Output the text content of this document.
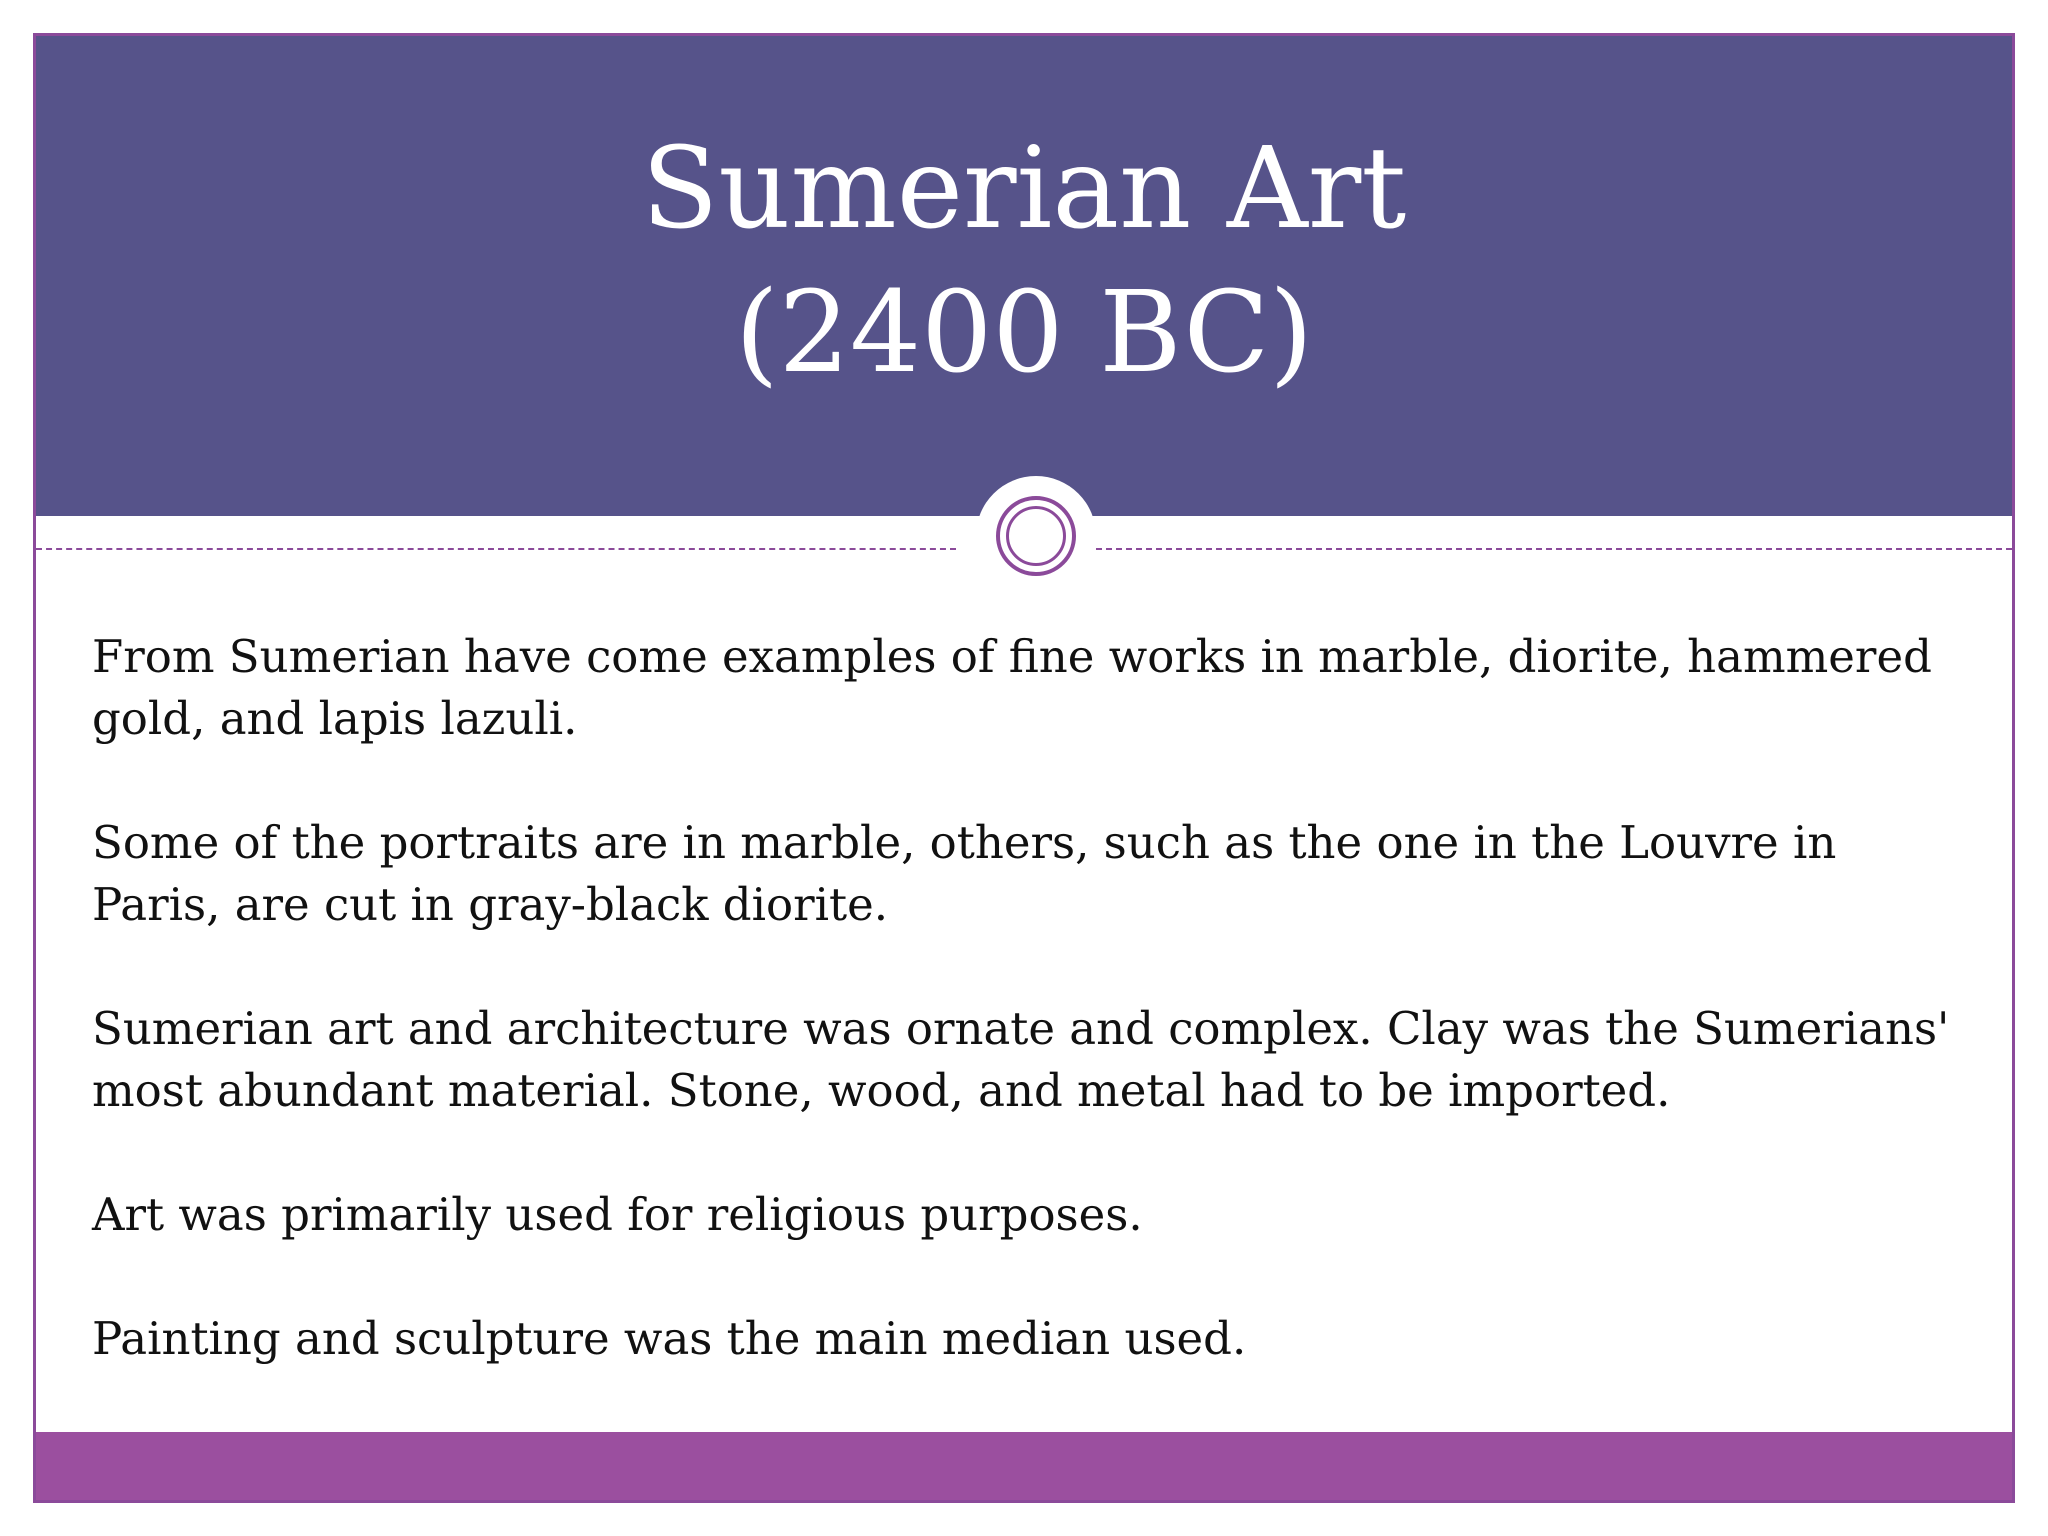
Sumerian Art
(2400 BC)

From Sumerian have come examples of fine works in marble, diorite, hammered gold, and lapis lazuli.

Some of the portraits are in marble, others, such as the one in the Louvre in Paris, are cut in gray-black diorite.

Sumerian art and architecture was ornate and complex. Clay was the Sumerians' most abundant material. Stone, wood, and metal had to be imported.

Art was primarily used for religious purposes.

Painting and sculpture was the main median used.
